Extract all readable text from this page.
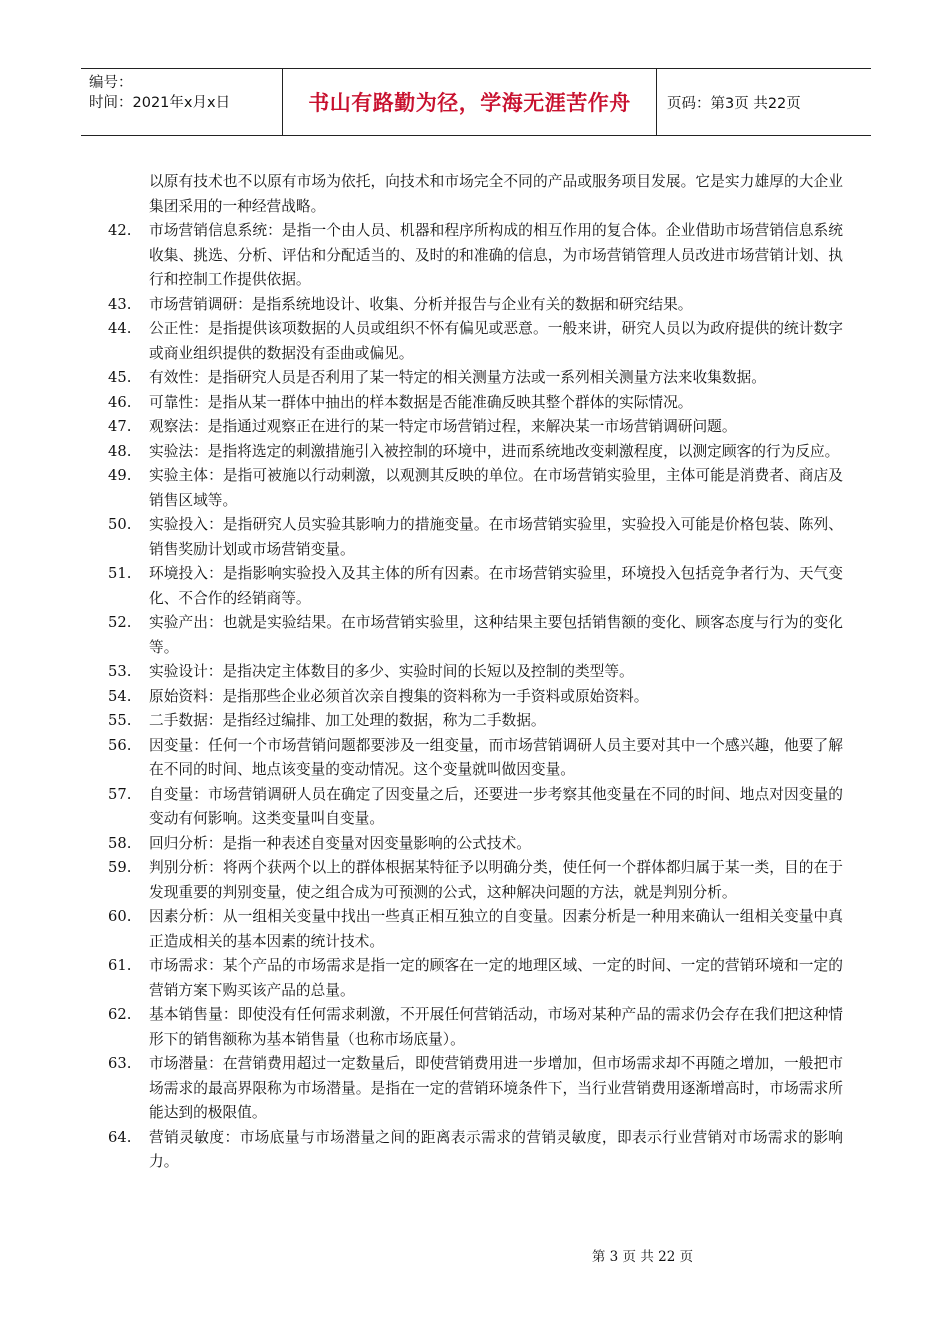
编号：
时间：2021年x月x日	书山有路勤为径，学海无涯苦作舟	页码：第3页 共22页
以原有技术也不以原有市场为依托，向技术和市场完全不同的产品或服务项目发展。它是实力雄厚的大企业集团采用的一种经营战略。
42.	市场营销信息系统：是指一个由人员、机器和程序所构成的相互作用的复合体。企业借助市场营销信息系统收集、挑选、分析、评估和分配适当的、及时的和准确的信息，为市场营销管理人员改进市场营销计划、执行和控制工作提供依据。
43.	市场营销调研：是指系统地设计、收集、分析并报告与企业有关的数据和研究结果。
44.	公正性：是指提供该项数据的人员或组织不怀有偏见或恶意。一般来讲，研究人员以为政府提供的统计数字或商业组织提供的数据没有歪曲或偏见。
45.	有效性：是指研究人员是否利用了某一特定的相关测量方法或一系列相关测量方法来收集数据。
46.	可靠性：是指从某一群体中抽出的样本数据是否能准确反映其整个群体的实际情况。
47.	观察法：是指通过观察正在进行的某一特定市场营销过程，来解决某一市场营销调研问题。
48.	实验法：是指将选定的刺激措施引入被控制的环境中，进而系统地改变刺激程度，以测定顾客的行为反应。
49.	实验主体：是指可被施以行动刺激，以观测其反映的单位。在市场营销实验里，主体可能是消费者、商店及销售区域等。
50.	实验投入：是指研究人员实验其影响力的措施变量。在市场营销实验里，实验投入可能是价格包装、陈列、销售奖励计划或市场营销变量。
51.	环境投入：是指影响实验投入及其主体的所有因素。在市场营销实验里，环境投入包括竞争者行为、天气变化、不合作的经销商等。
52.	实验产出：也就是实验结果。在市场营销实验里，这种结果主要包括销售额的变化、顾客态度与行为的变化等。
53.	实验设计：是指决定主体数目的多少、实验时间的长短以及控制的类型等。
54.	原始资料：是指那些企业必须首次亲自搜集的资料称为一手资料或原始资料。
55.	二手数据：是指经过编排、加工处理的数据，称为二手数据。
56.	因变量：任何一个市场营销问题都要涉及一组变量，而市场营销调研人员主要对其中一个感兴趣，他要了解在不同的时间、地点该变量的变动情况。这个变量就叫做因变量。
57.	自变量：市场营销调研人员在确定了因变量之后，还要进一步考察其他变量在不同的时间、地点对因变量的变动有何影响。这类变量叫自变量。
58.	回归分析：是指一种表述自变量对因变量影响的公式技术。
59.	判别分析：将两个获两个以上的群体根据某特征予以明确分类，使任何一个群体都归属于某一类，目的在于发现重要的判别变量，使之组合成为可预测的公式，这种解决问题的方法，就是判别分析。
60.	因素分析：从一组相关变量中找出一些真正相互独立的自变量。因素分析是一种用来确认一组相关变量中真正造成相关的基本因素的统计技术。
61.	市场需求：某个产品的市场需求是指一定的顾客在一定的地理区域、一定的时间、一定的营销环境和一定的营销方案下购买该产品的总量。
62.	基本销售量：即使没有任何需求刺激，不开展任何营销活动，市场对某种产品的需求仍会存在我们把这种情形下的销售额称为基本销售量（也称市场底量）。
63.	市场潜量：在营销费用超过一定数量后，即使营销费用进一步增加，但市场需求却不再随之增加，一般把市场需求的最高界限称为市场潜量。是指在一定的营销环境条件下，当行业营销费用逐渐增高时，市场需求所能达到的极限值。
64.	营销灵敏度：市场底量与市场潜量之间的距离表示需求的营销灵敏度，即表示行业营销对市场需求的影响力。
第 3 页 共 22 页
